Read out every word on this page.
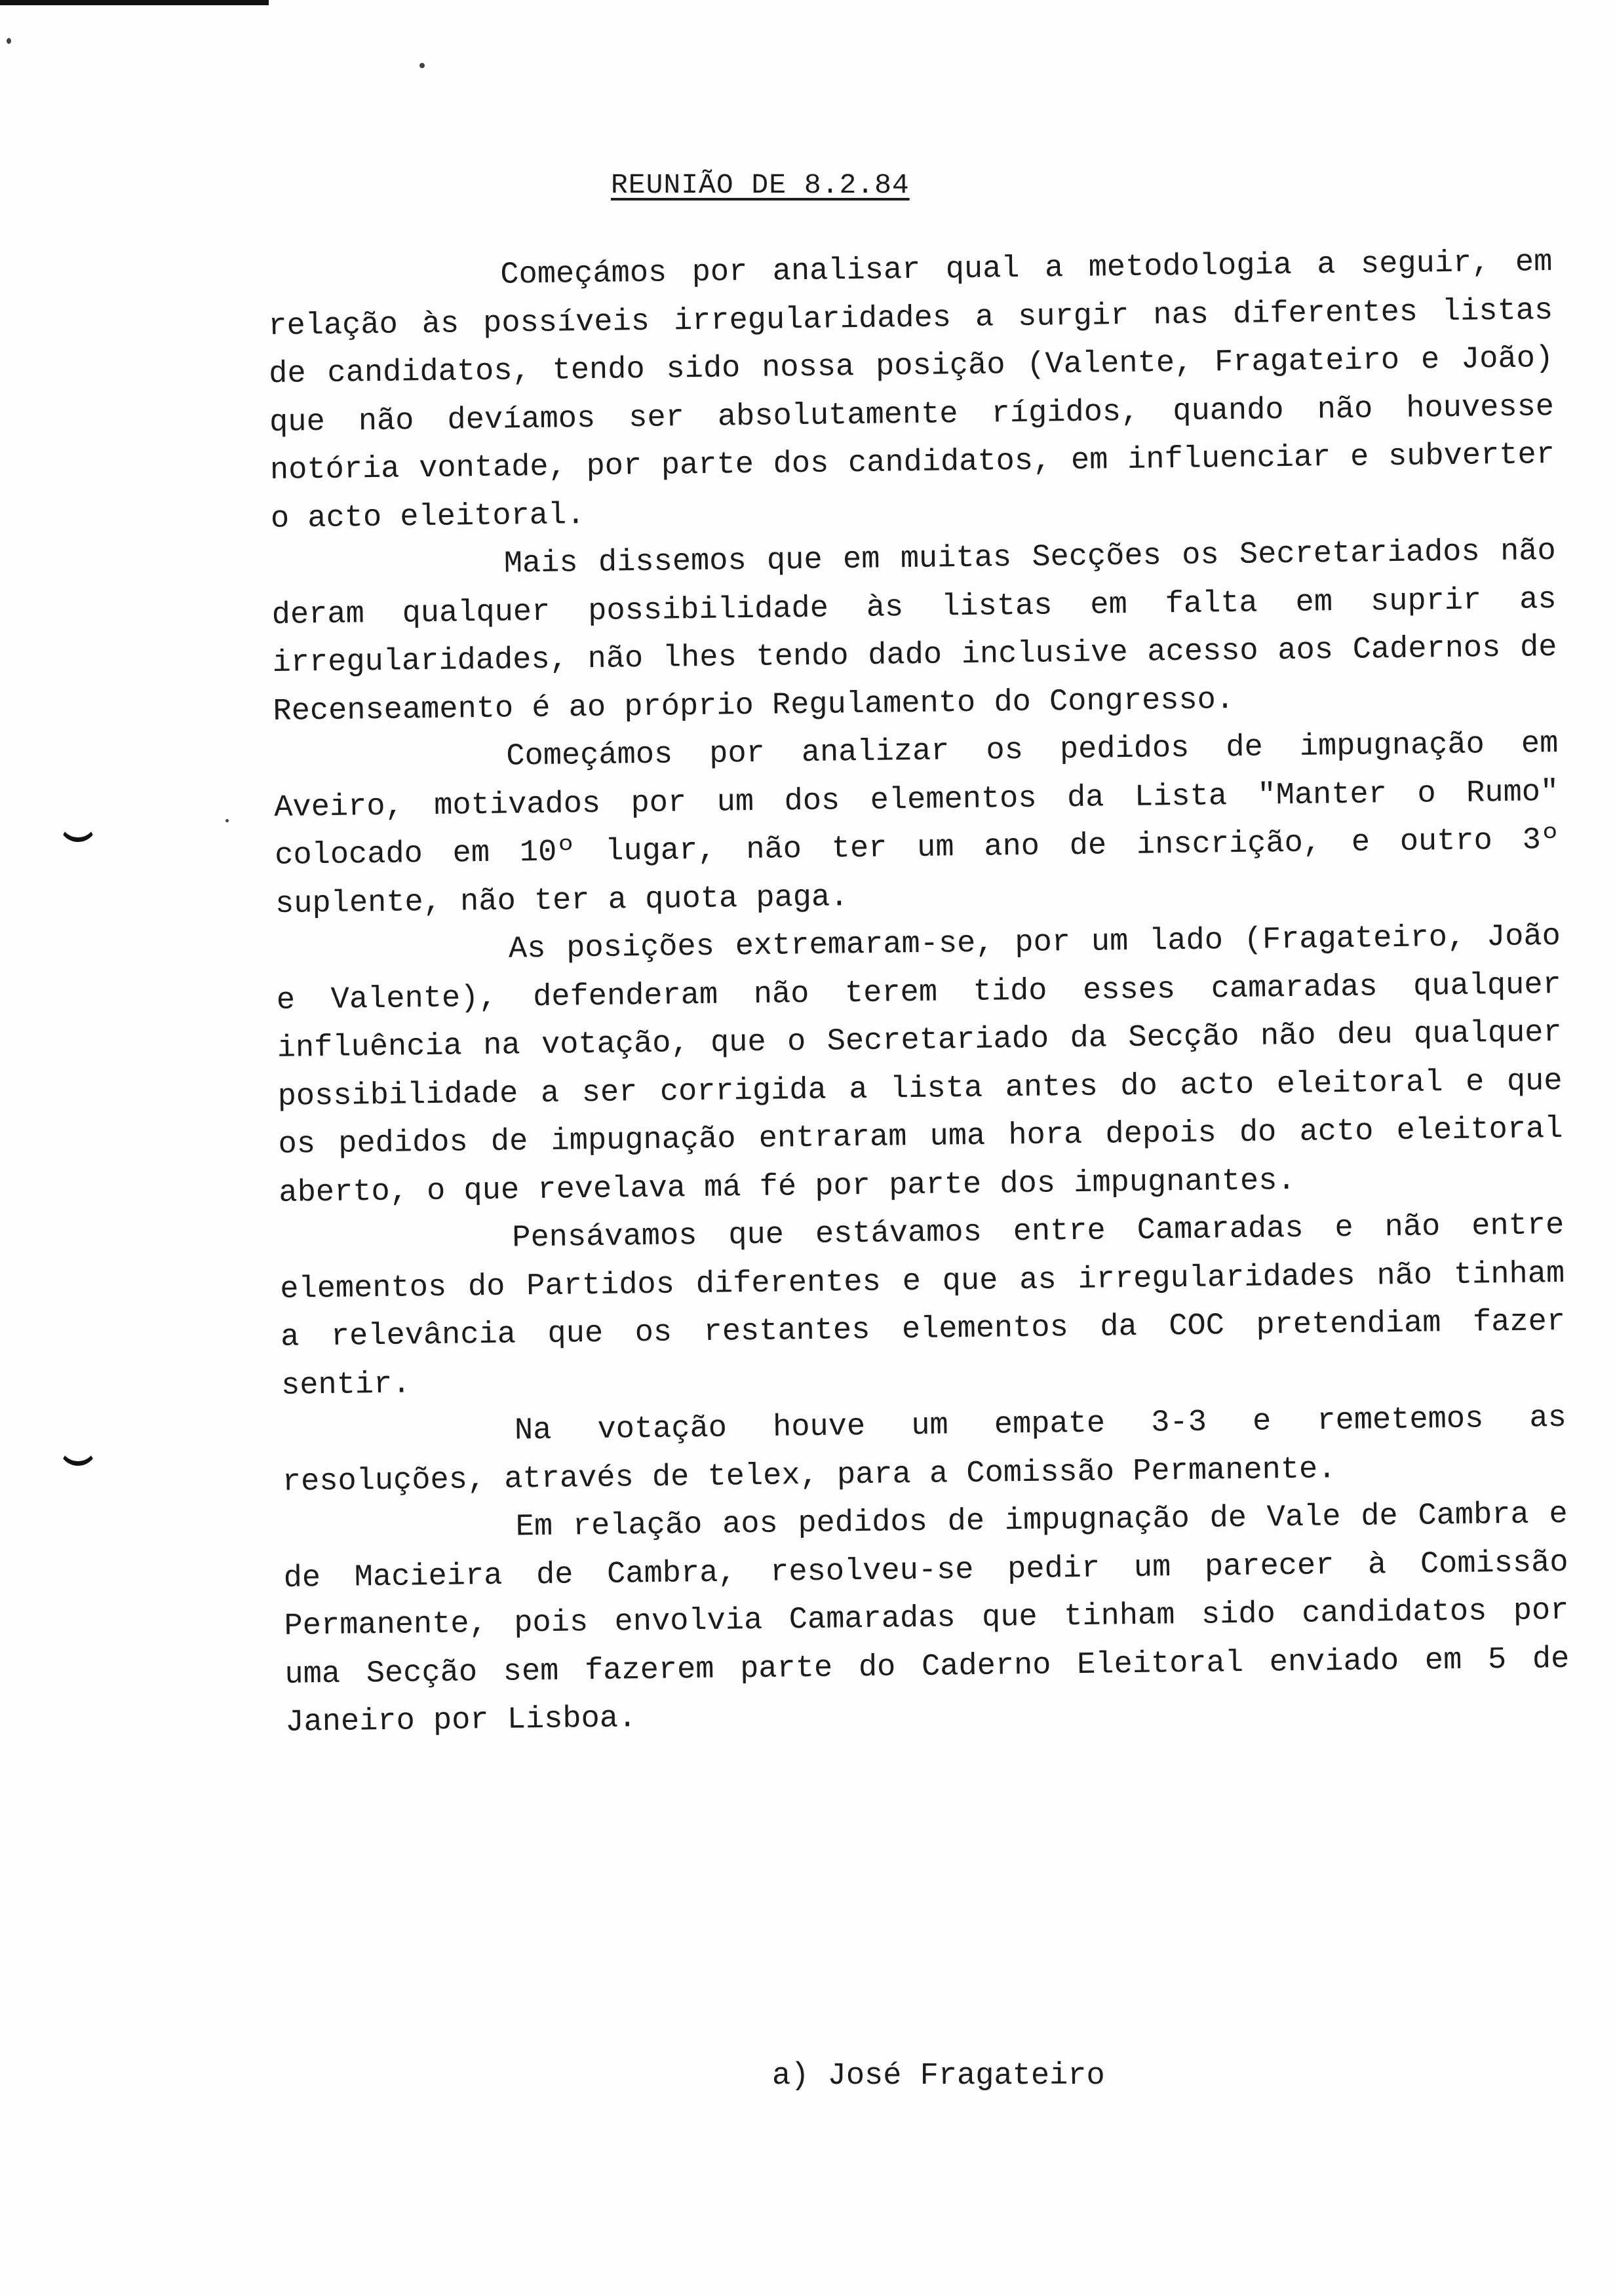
REUNIÃO DE 8.2.84

Começámos por analisar qual a metodologia a seguir, em relação às possíveis irregularidades a surgir nas diferentes listas de candidatos, tendo sido nossa posição (Valente, Fragateiro e João) que não devíamos ser absolutamente rígidos, quando não houvesse notória vontade, por parte dos candidatos, em influenciar e subverter o acto eleitoral.

Mais dissemos que em muitas Secções os Secretariados não deram qualquer possibilidade às listas em falta em suprir as irregularidades, não lhes tendo dado inclusive acesso aos Cadernos de Recenseamento é ao próprio Regulamento do Congresso.

Começámos por analizar os pedidos de impugnação em Aveiro, motivados por um dos elementos da Lista "Manter o Rumo" colocado em 10º lugar, não ter um ano de inscrição, e outro 3º suplente, não ter a quota paga.

As posições extremaram-se, por um lado (Fragateiro, João e Valente), defenderam não terem tido esses camaradas qualquer influência na votação, que o Secretariado da Secção não deu qualquer possibilidade a ser corrigida a lista antes do acto eleitoral e que os pedidos de impugnação entraram uma hora depois do acto eleitoral aberto, o que revelava má fé por parte dos impugnantes.

Pensávamos que estávamos entre Camaradas e não entre elementos do Partidos diferentes e que as irregularidades não tinham a relevância que os restantes elementos da COC pretendiam fazer sentir.

Na votação houve um empate 3-3 e remetemos as resoluções, através de telex, para a Comissão Permanente.

Em relação aos pedidos de impugnação de Vale de Cambra e de Macieira de Cambra, resolveu-se pedir um parecer à Comissão Permanente, pois envolvia Camaradas que tinham sido candidatos por uma Secção sem fazerem parte do Caderno Eleitoral enviado em 5 de Janeiro por Lisboa.

a) José Fragateiro
